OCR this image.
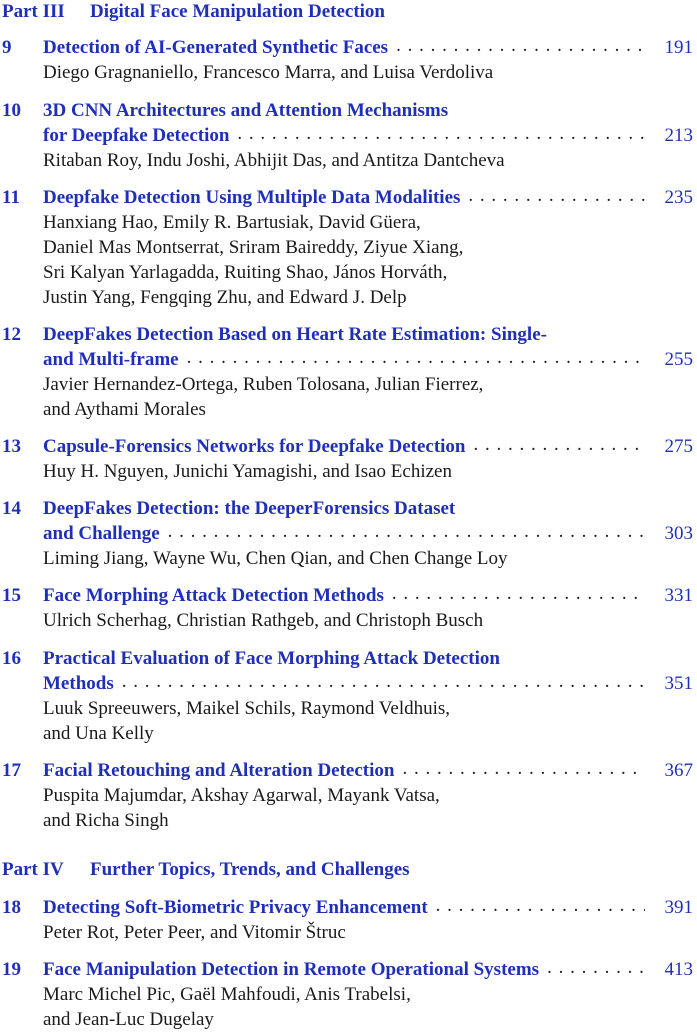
Part III Digital Face Manipulation Detection
9 Detection of AI-Generated Synthetic Faces . . .	191
Diego Gragnaniello, Francesco Marra, and Luisa Verdoliva
10 3D CNN Architectures and Attention Mechanisms
for Deepfake Detection . . .	213
Ritaban Roy, Indu Joshi, Abhijit Das, and Antitza Dantcheva
11 Deepfake Detection Using Multiple Data Modalities . . .	235
Hanxiang Hao, Emily R. Bartusiak, David Güera,
Daniel Mas Montserrat, Sriram Baireddy, Ziyue Xiang,
Sri Kalyan Yarlagadda, Ruiting Shao, János Horváth,
Justin Yang, Fengqing Zhu, and Edward J. Delp
12 DeepFakes Detection Based on Heart Rate Estimation: Single-
and Multi-frame . . .	255
Javier Hernandez-Ortega, Ruben Tolosana, Julian Fierrez,
and Aythami Morales
13 Capsule-Forensics Networks for Deepfake Detection . . .	275
Huy H. Nguyen, Junichi Yamagishi, and Isao Echizen
14 DeepFakes Detection: the DeeperForensics Dataset
and Challenge . . .	303
Liming Jiang, Wayne Wu, Chen Qian, and Chen Change Loy
15 Face Morphing Attack Detection Methods . . .	331
Ulrich Scherhag, Christian Rathgeb, and Christoph Busch
16 Practical Evaluation of Face Morphing Attack Detection
Methods . . .	351
Luuk Spreeuwers, Maikel Schils, Raymond Veldhuis,
and Una Kelly
17 Facial Retouching and Alteration Detection . . .	367
Puspita Majumdar, Akshay Agarwal, Mayank Vatsa,
and Richa Singh
Part IV Further Topics, Trends, and Challenges
18 Detecting Soft-Biometric Privacy Enhancement . . .	391
Peter Rot, Peter Peer, and Vitomir Štruc
19 Face Manipulation Detection in Remote Operational Systems . . .	413
Marc Michel Pic, Gaël Mahfoudi, Anis Trabelsi,
and Jean-Luc Dugelay
